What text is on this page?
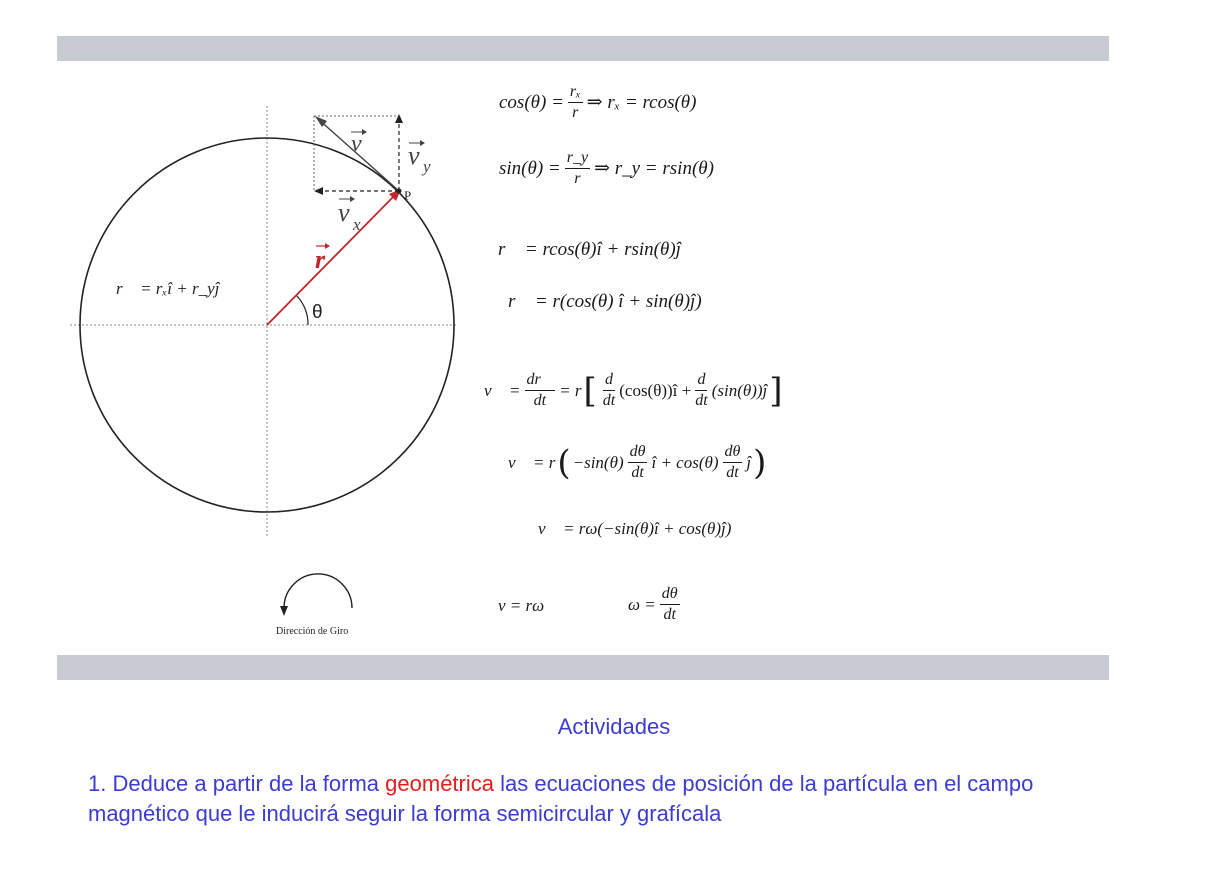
v v y
v x
r
r⃗ = rₓî + r_yĵ
P
θ
Dirección de Giro
$\cos(\theta) = \frac{\text{rₓ}}{r}$ ⇒ rₓ = rcos(θ)
$\sin(\theta) = \frac{r\_y}{r}$ ⇒ r_y = rsin(θ)
r⃗ = rcos(θ)î + rsin(θ)ĵ
r⃗ = r(cos(θ) î + sin(θ)ĵ)
v⃗ = $\frac{dr⃗}{dt} = r$ [ $\frac{d}{dt}$ (cos(θ))î + $\frac{d}{dt}$ (sin(θ))ĵ ]
v⃗ = r ( $-\sin(\theta) \frac{d\theta}{dt}$ î + $\cos(\theta) \frac{d\theta}{dt}$ ĵ )
v⃗ = rω(−sin(θ)î + cos(θ)ĵ)
v = rω	$\omega = \frac{d\theta}{dt}$
Actividades
1. Deduce a partir de la forma geométrica las ecuaciones de posición de la partícula en el campo magnético que le inducirá seguir la forma semicircular y grafícala
